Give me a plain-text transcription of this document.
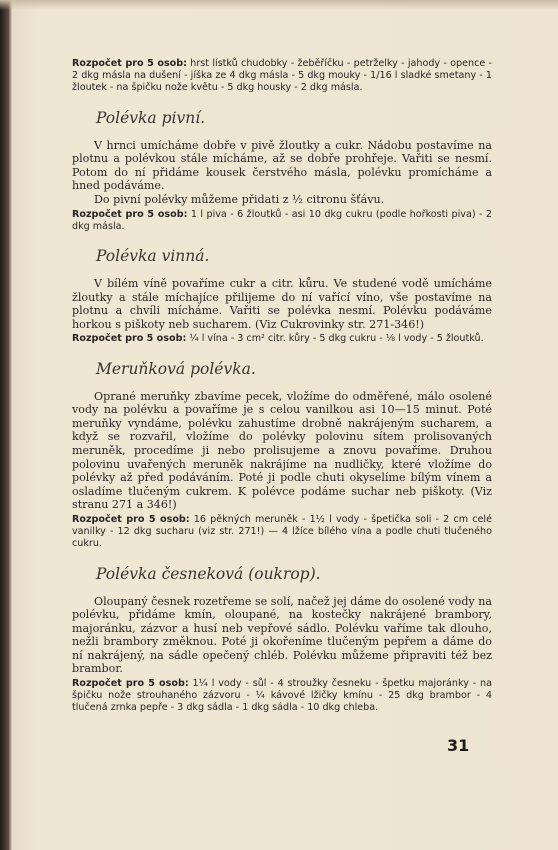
Rozpočet pro 5 osob: hrst lístků chudobky - žeběříčku - petrželky - jahody - opence - 2 dkg másla na dušení - jíška ze 4 dkg másla - 5 dkg mouky - 1/16 l sladké smetany - 1 žloutek - na špičku nože květu - 5 dkg housky - 2 dkg másla.

Polévka pivní.

V hrnci umícháme dobře v pivě žloutky a cukr. Nádobu postavíme na plotnu a polévkou stále mícháme, až se dobře prohřeje. Vařiti se nesmí. Potom do ní přidáme kousek čerstvého másla, polévku promícháme a hned podáváme.

Do pivní polévky můžeme přidati z ½ citronu šťávu.

Rozpočet pro 5 osob: 1 l piva - 6 žloutků - asi 10 dkg cukru (podle hořkosti piva) - 2 dkg másla.

Polévka vinná.

V bílém víně povaříme cukr a citr. kůru. Ve studené vodě umícháme žloutky a stále míchajíce přilijeme do ní vařící víno, vše postavíme na plotnu a chvíli mícháme. Vařiti se polévka nesmí. Polévku podáváme horkou s piškoty neb sucharem. (Viz Cukrovinky str. 271-346!)

Rozpočet pro 5 osob: ¼ l vína - 3 cm² citr. kůry - 5 dkg cukru - ⅛ l vody - 5 žloutků.

Meruňková polévka.

Oprané meruňky zbavíme pecek, vložíme do odměřené, málo osolené vody na polévku a povaříme je s celou vanilkou asi 10—15 minut. Poté meruňky vyndáme, polévku zahustíme drobně nakrájeným sucharem, a když se rozvařil, vložíme do polévky polovinu sítem prolisovaných meruněk, procedíme ji nebo prolisujeme a znovu povaříme. Druhou polovinu uvařených meruněk nakrájíme na nudličky, které vložíme do polévky až před podáváním. Poté ji podle chuti okyselíme bílým vínem a osladíme tlučeným cukrem. K polévce podáme suchar neb piškoty. (Viz stranu 271 a 346!)

Rozpočet pro 5 osob: 16 pěkných meruněk - 1½ l vody - špetička soli - 2 cm celé vanilky - 12 dkg sucharu (viz str. 271!) — 4 lžíce bílého vína a podle chuti tlučeného cukru.

Polévka česneková (oukrop).

Oloupaný česnek rozetřeme se solí, načež jej dáme do osolené vody na polévku, přidáme kmín, oloupané, na kostečky nakrájené brambory, majoránku, zázvor a husí neb vepřové sádlo. Polévku vaříme tak dlouho, nežli brambory změknou. Poté ji okořeníme tlučeným pepřem a dáme do ní nakrájený, na sádle opečený chléb. Polévku můžeme připraviti též bez brambor.

Rozpočet pro 5 osob: 1¼ l vody - sůl - 4 stroužky česneku - špetku majoránky - na špičku nože strouhaného zázvoru - ¼ kávové lžičky kmínu - 25 dkg brambor - 4 tlučená zrnka pepře - 3 dkg sádla - 1 dkg sádla - 10 dkg chleba.

31
